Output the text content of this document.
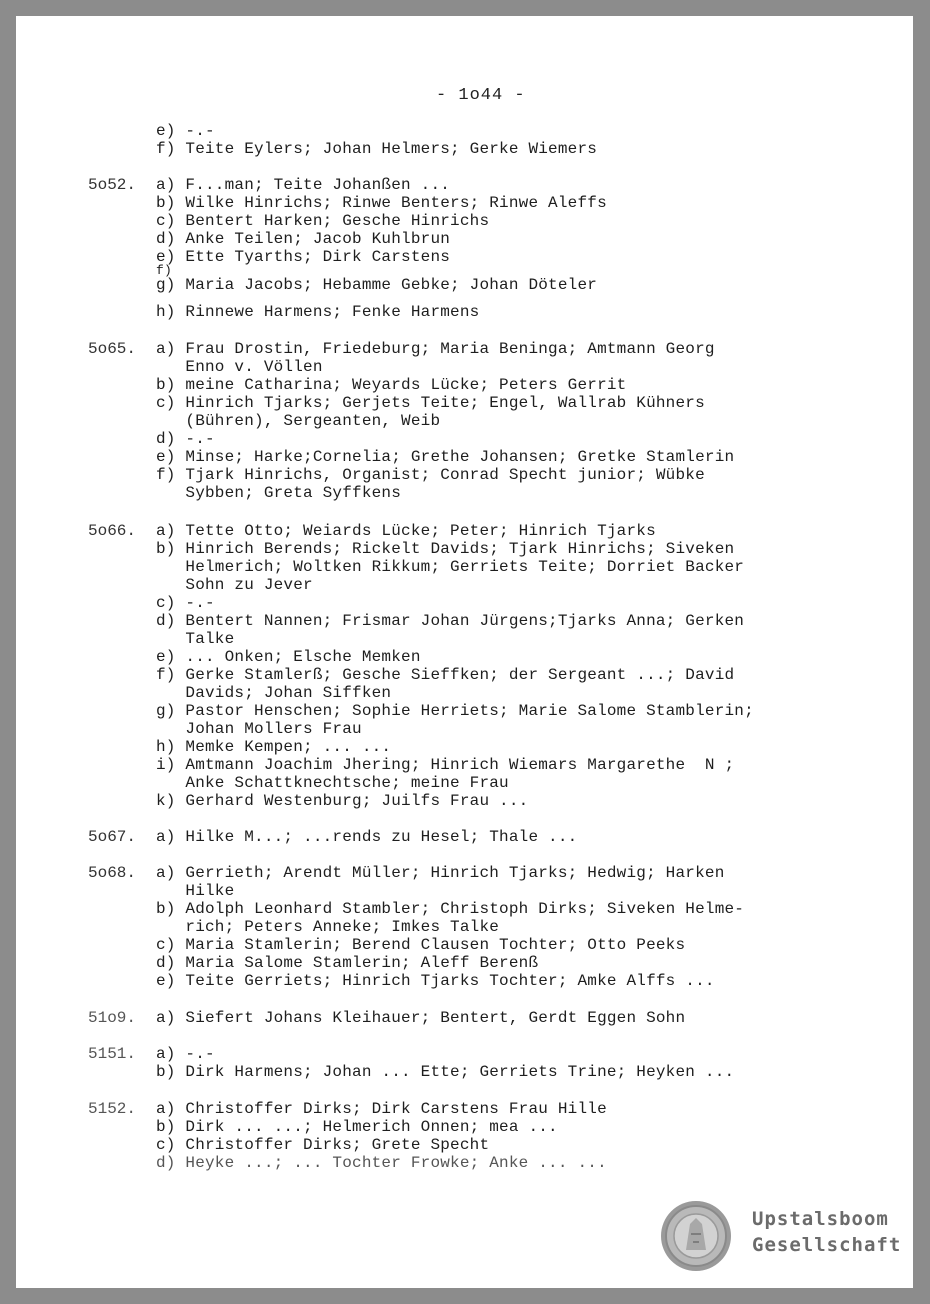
- 1o44 -
e) -.-
f) Teite Eylers; Johan Helmers; Gerke Wiemers
5o52. a) F...man; Teite Johanßen ...
b) Wilke Hinrichs; Rinwe Benters; Rinwe Aleffs
c) Bentert Harken; Gesche Hinrichs
d) Anke Teilen; Jacob Kuhlbrun
e) Ette Tyarths; Dirk Carstens
f)
g) Maria Jacobs; Hebamme Gebke; Johan Döteler
h) Rinnewe Harmens; Fenke Harmens
5o65. a) Frau Drostin, Friedeburg; Maria Beninga; Amtmann Georg
Enno v. Völlen
b) meine Catharina; Weyards Lücke; Peters Gerrit
c) Hinrich Tjarks; Gerjets Teite; Engel, Wallrab Kühners
(Bühren), Sergeanten, Weib
d) -.-
e) Minse; Harke;Cornelia; Grethe Johansen; Gretke Stamlerin
f) Tjark Hinrichs, Organist; Conrad Specht junior; Wübke
Sybben; Greta Syffkens
5o66. a) Tette Otto; Weiards Lücke; Peter; Hinrich Tjarks
b) Hinrich Berends; Rickelt Davids; Tjark Hinrichs; Siveken
Helmerich; Woltken Rikkum; Gerriets Teite; Dorriet Backer
Sohn zu Jever
c) -.-
d) Bentert Nannen; Frismar Johan Jürgens;Tjarks Anna; Gerken
Talke
e) ... Onken; Elsche Memken
f) Gerke Stamlerß; Gesche Sieffken; der Sergeant ...; David
Davids; Johan Siffken
g) Pastor Henschen; Sophie Herriets; Marie Salome Stamblerin;
Johan Mollers Frau
h) Memke Kempen; ... ...
i) Amtmann Joachim Jhering; Hinrich Wiemars Margarethe  N ;
Anke Schattknechtsche; meine Frau
k) Gerhard Westenburg; Juilfs Frau ...
5o67. a) Hilke M...; ...rends zu Hesel; Thale ...
5o68. a) Gerrieth; Arendt Müller; Hinrich Tjarks; Hedwig; Harken
Hilke
b) Adolph Leonhard Stambler; Christoph Dirks; Siveken Helme-
rich; Peters Anneke; Imkes Talke
c) Maria Stamlerin; Berend Clausen Tochter; Otto Peeks
d) Maria Salome Stamlerin; Aleff Berenß
e) Teite Gerriets; Hinrich Tjarks Tochter; Amke Alffs ...
51o9. a) Siefert Johans Kleihauer; Bentert, Gerdt Eggen Sohn
5151. a) -.-
b) Dirk Harmens; Johan ... Ette; Gerriets Trine; Heyken ...
5152. a) Christoffer Dirks; Dirk Carstens Frau Hille
b) Dirk ... ...; Helmerich Onnen; mea ...
c) Christoffer Dirks; Grete Specht
d) Heyke ...; ... Tochter Frowke; Anke ... ...
Upstalsboom
Gesellschaft
